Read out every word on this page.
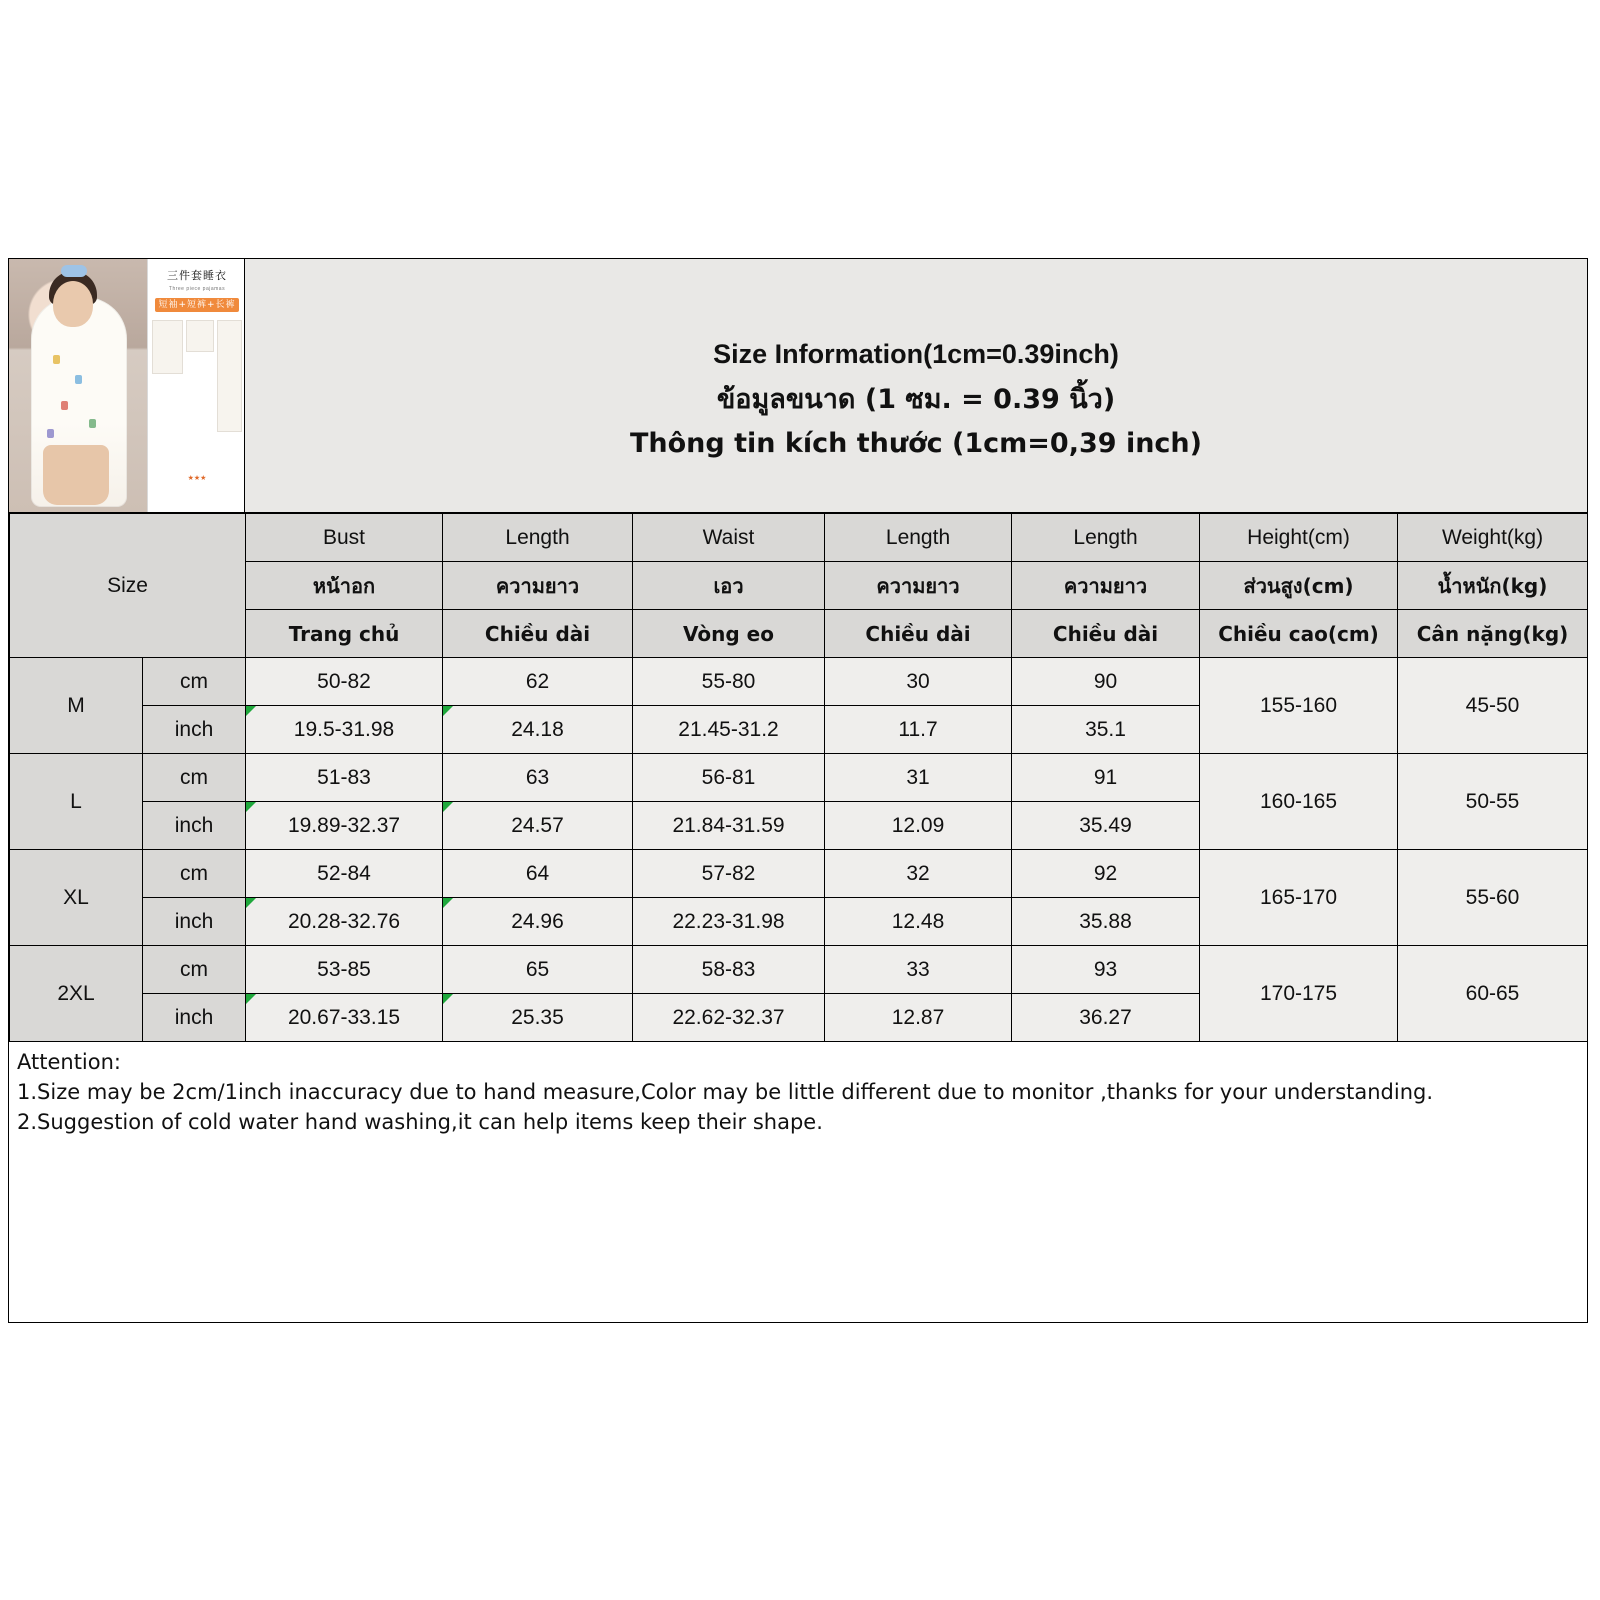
三件套睡衣
Three piece pajamas
短袖+短裤+长裤
★★★
Size Information(1cm=0.39inch)
ข้อมูลขนาด (1 ซม. = 0.39 นิ้ว)
Thông tin kích thước (1cm=0,39 inch)
Size		Bust	Length	Waist	Length	Length	Height(cm)	Weight(kg)
		หน้าอก	ความยาว	เอว	ความยาว	ความยาว	ส่วนสูง(cm)	น้ำหนัก(kg)
		Trang chủ	Chiều dài	Vòng eo	Chiều dài	Chiều dài	Chiều cao(cm)	Cân nặng(kg)
M	cm	50-82	62	55-80	30	90	155-160	45-50
	inch	19.5-31.98	24.18	21.45-31.2	11.7	35.1		
L	cm	51-83	63	56-81	31	91	160-165	50-55
	inch	19.89-32.37	24.57	21.84-31.59	12.09	35.49		
XL	cm	52-84	64	57-82	32	92	165-170	55-60
	inch	20.28-32.76	24.96	22.23-31.98	12.48	35.88		
2XL	cm	53-85	65	58-83	33	93	170-175	60-65
	inch	20.67-33.15	25.35	22.62-32.37	12.87	36.27		
Attention:
1.Size may be 2cm/1inch inaccuracy due to hand measure,Color may be little different due to monitor ,thanks for your understanding.
2.Suggestion of cold water hand washing,it can help items keep their shape.
